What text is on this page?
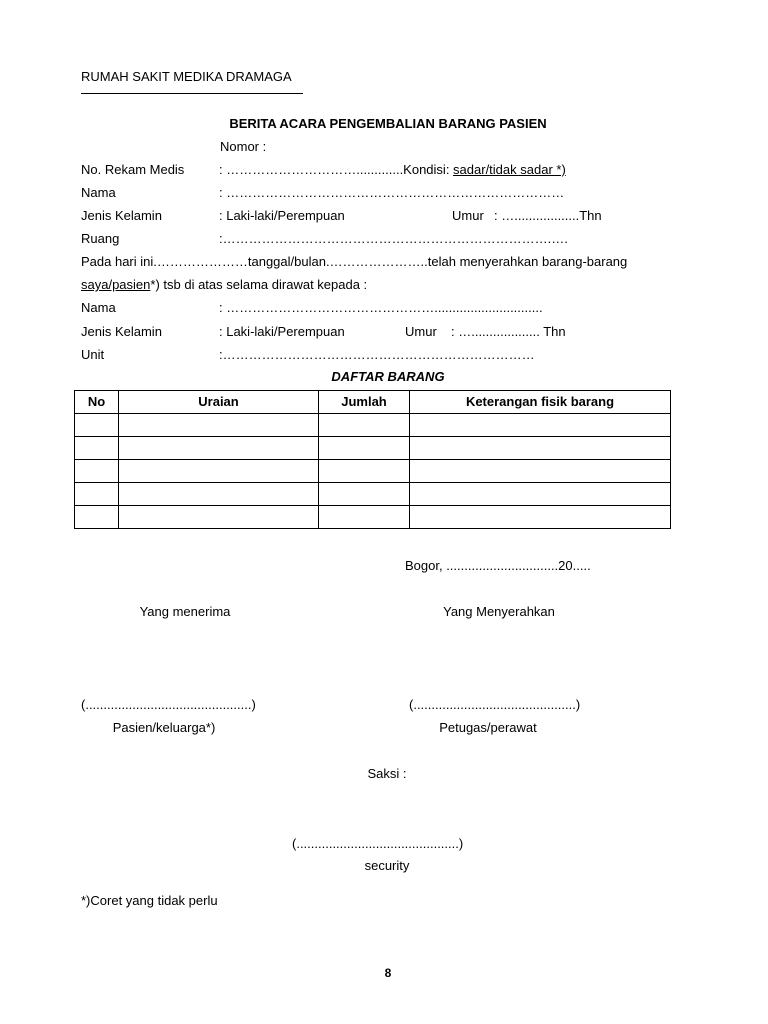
RUMAH SAKIT MEDIKA DRAMAGA
BERITA ACARA PENGEMBALIAN BARANG PASIEN
Nomor :
No. Rekam Medis	: ………………………….............Kondisi: sadar/tidak sadar *)
Nama	: ……………………………………………………………………
Jenis Kelamin	: Laki-laki/Perempuan	Umur : …..................Thn
Ruang	:………………………………………………………………….….
Pada hari ini.…………………tanggal/bulan.…………………..telah menyerahkan barang-barang
saya/pasien*) tsb di atas selama dirawat kepada :
Nama	: …………………………………………..............................
Jenis Kelamin	: Laki-laki/Perempuan	Umur : …................... Thn
Unit	:………………………………………………………………
DAFTAR BARANG
No	Uraian	Jumlah	Keterangan fisik barang

Bogor, ...............................20.....
Yang menerima	Yang Menyerahkan
(..............................................)	(.............................................)
Pasien/keluarga*)	Petugas/perawat
Saksi :
(.............................................)
security
*)Coret yang tidak perlu
8
